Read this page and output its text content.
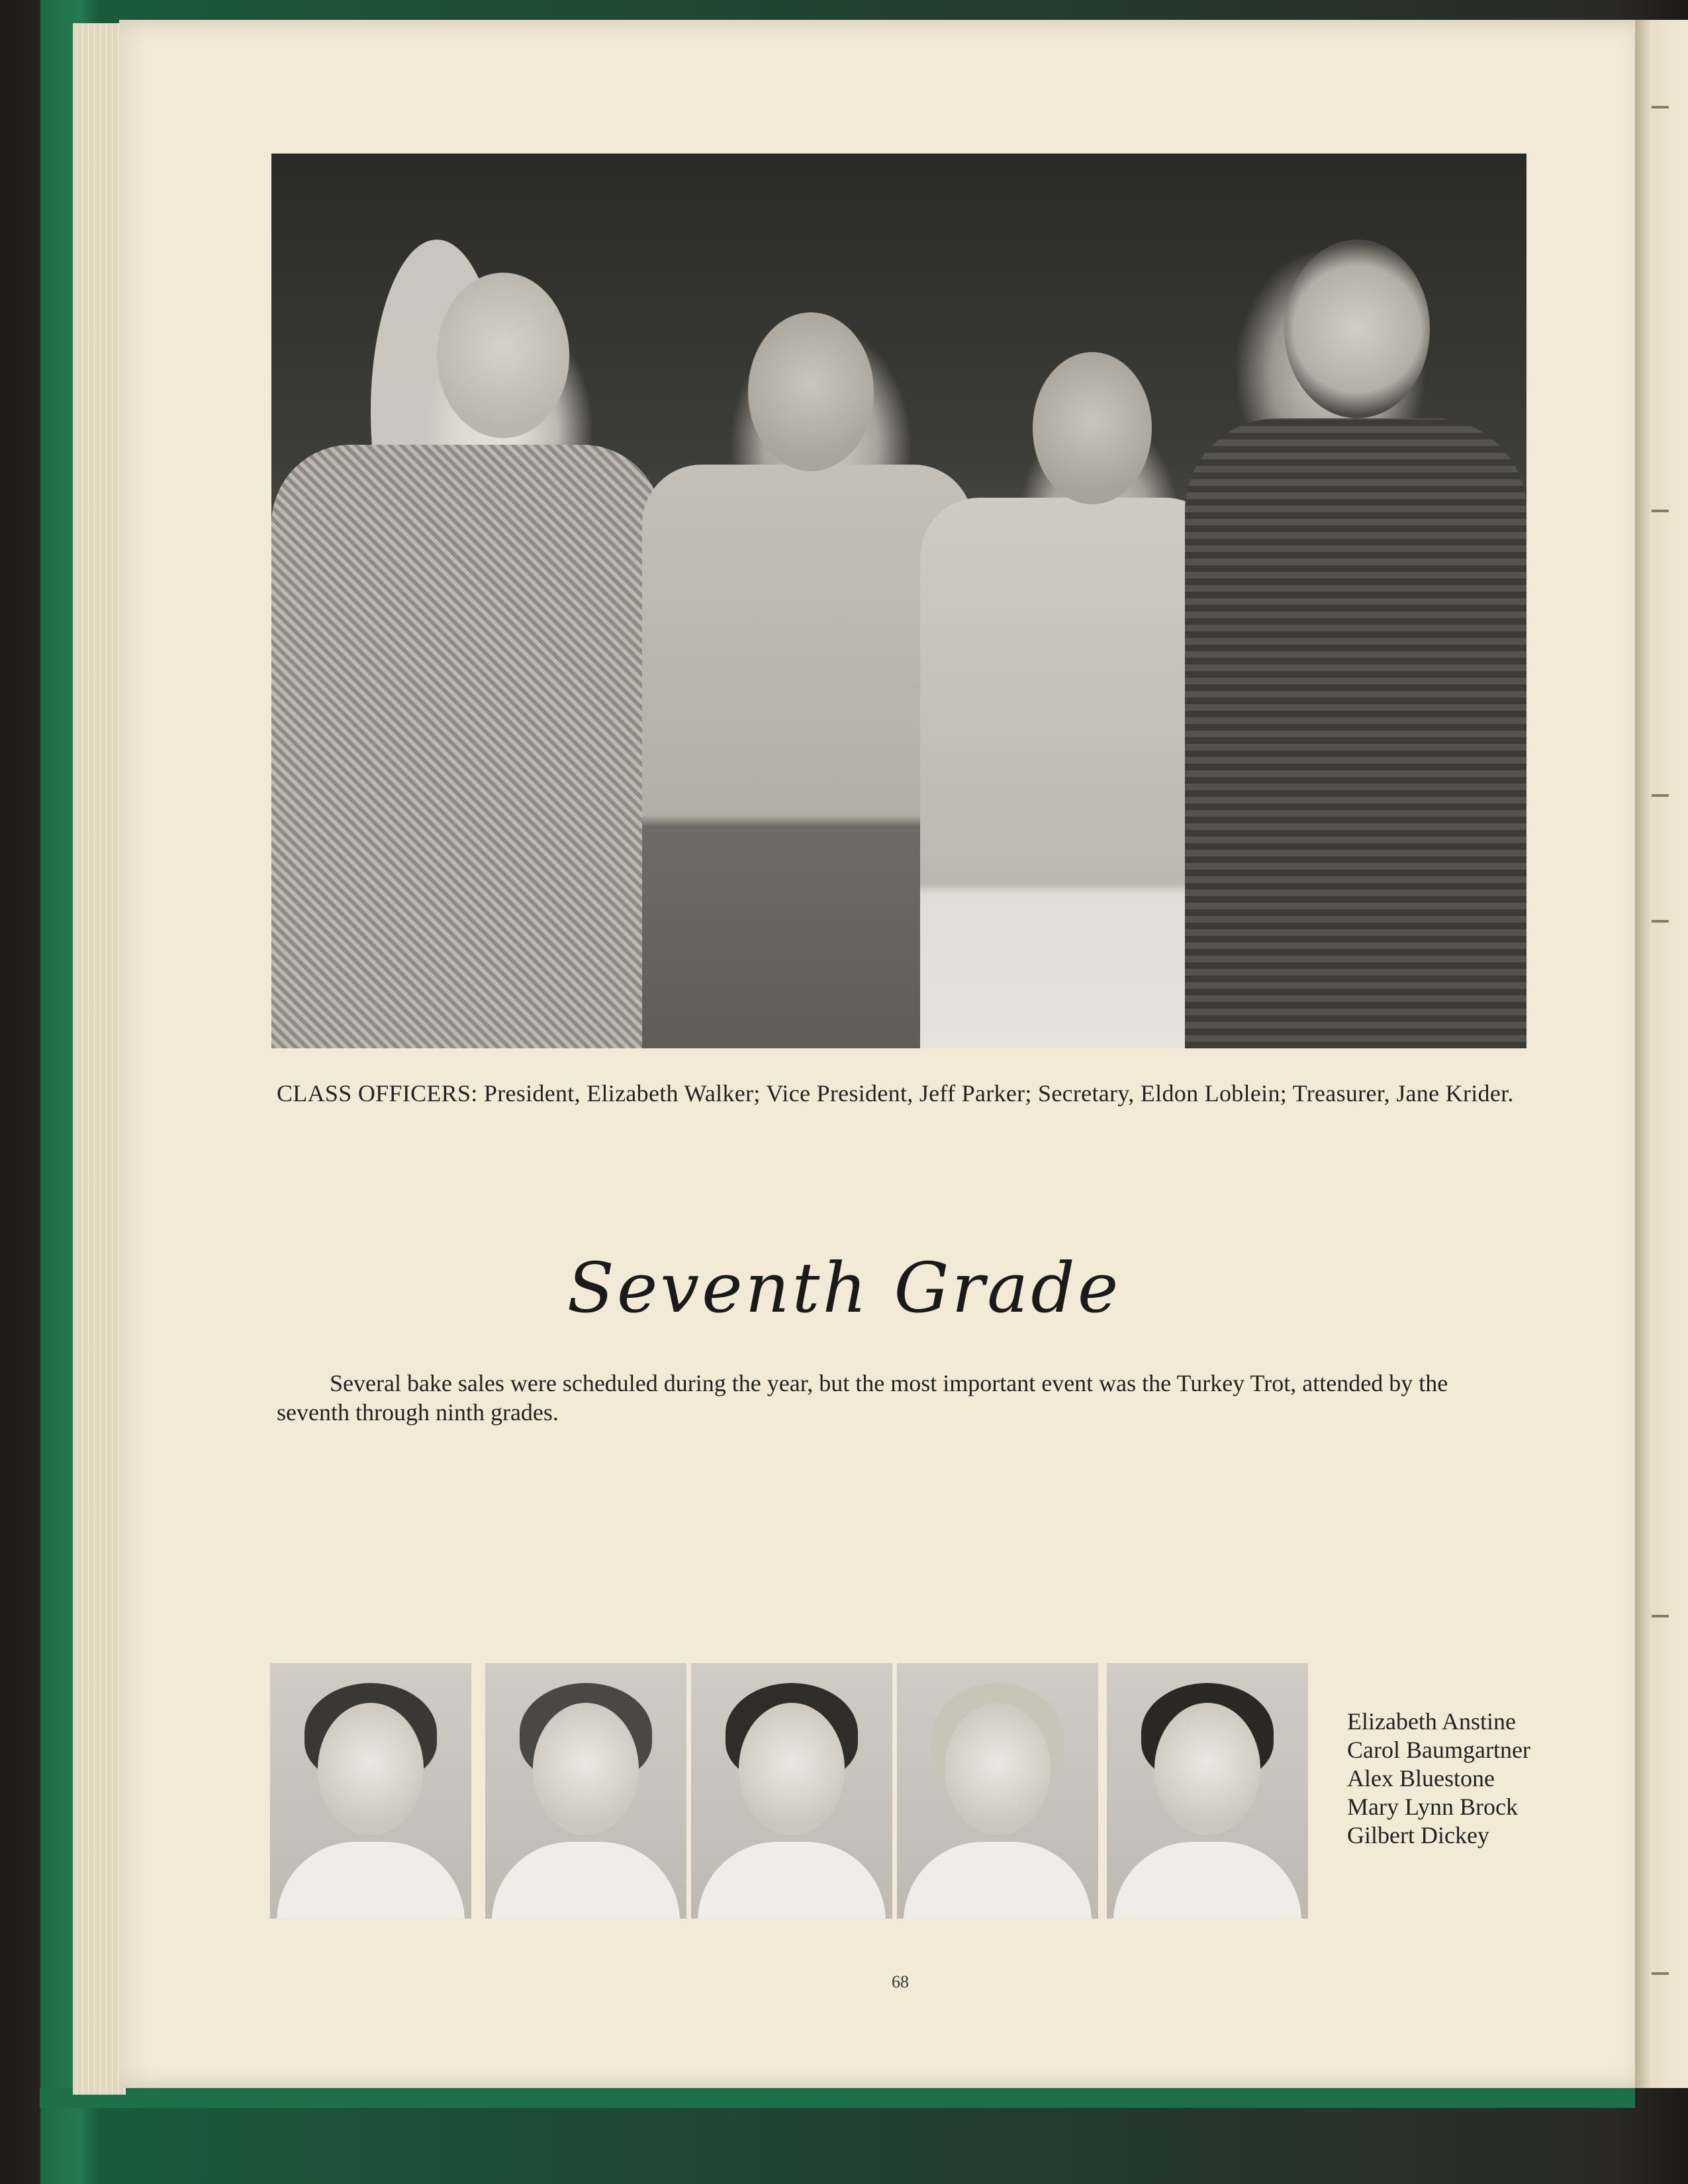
CLASS OFFICERS: President, Elizabeth Walker; Vice President, Jeff Parker; Secretary, Eldon Loblein; Treasurer, Jane Krider.
Seventh Grade
Several bake sales were scheduled during the year, but the most important event was the Turkey Trot, attended by the seventh through ninth grades.
Elizabeth Anstine
Carol Baumgartner
Alex Bluestone
Mary Lynn Brock
Gilbert Dickey
68
